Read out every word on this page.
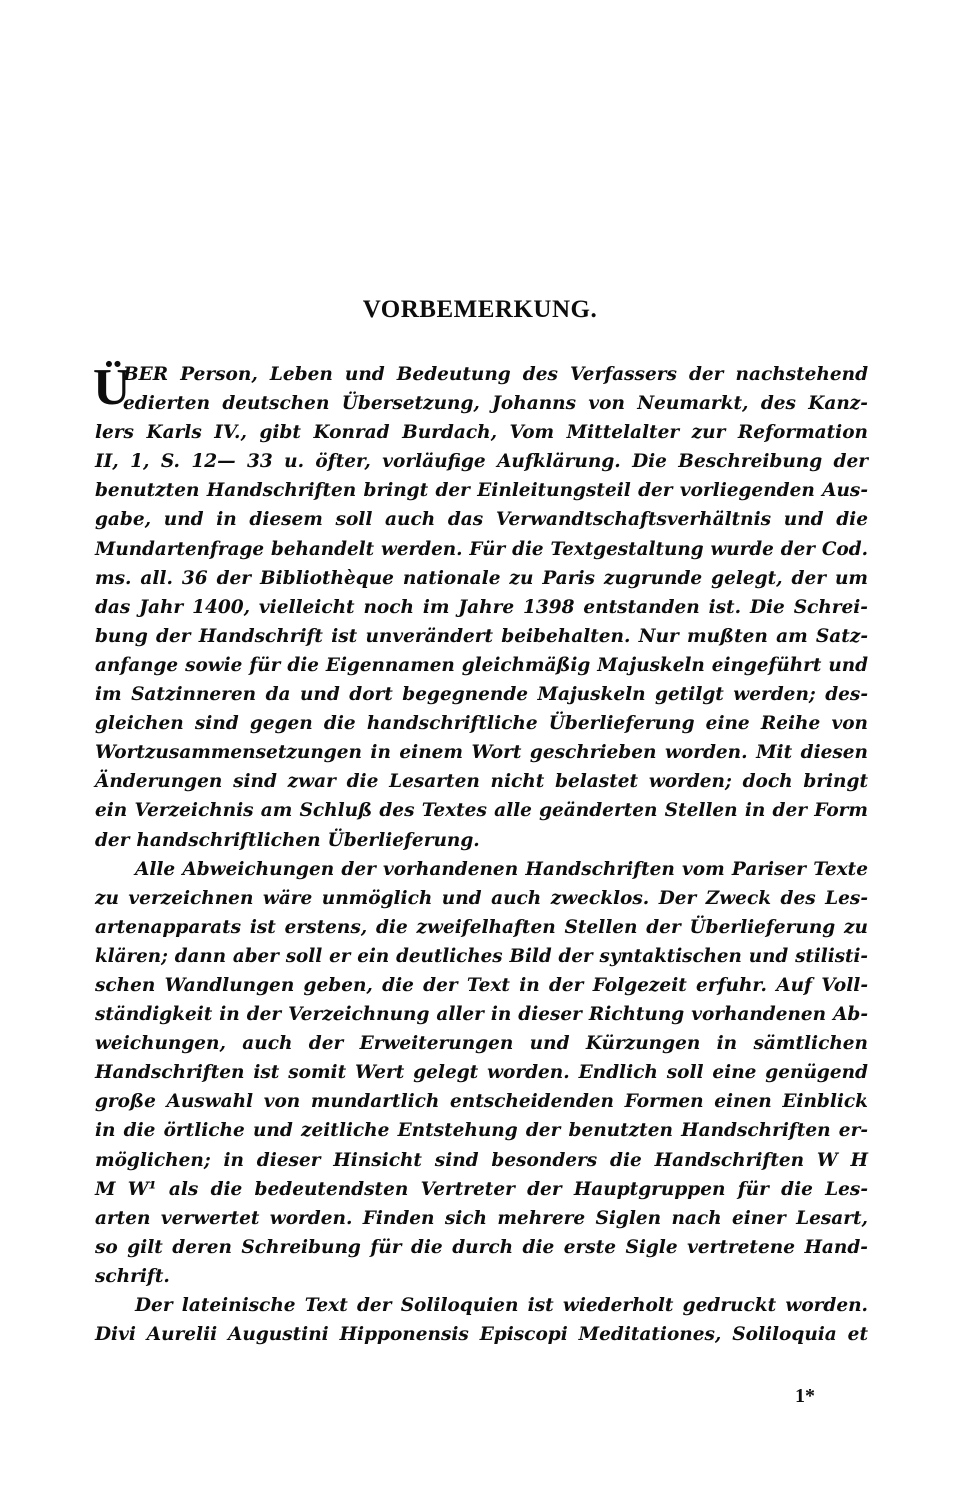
VORBEMERKUNG.
Ü
BER Person, Leben und Bedeutung des Verfassers der nachstehend
edierten deutschen Übersetzung, Johanns von Neumarkt, des Kanz-
lers Karls IV., gibt Konrad Burdach, Vom Mittelalter zur Reformation
II, 1, S. 12— 33 u. öfter, vorläufige Aufklärung. Die Beschreibung der
benutzten Handschriften bringt der Einleitungsteil der vorliegenden Aus-
gabe, und in diesem soll auch das Verwandtschaftsverhältnis und die
Mundartenfrage behandelt werden. Für die Textgestaltung wurde der Cod.
ms. all. 36 der Bibliothèque nationale zu Paris zugrunde gelegt, der um
das Jahr 1400, vielleicht noch im Jahre 1398 entstanden ist. Die Schrei-
bung der Handschrift ist unverändert beibehalten. Nur mußten am Satz-
anfange sowie für die Eigennamen gleichmäßig Majuskeln eingeführt und
im Satzinneren da und dort begegnende Majuskeln getilgt werden; des-
gleichen sind gegen die handschriftliche Überlieferung eine Reihe von
Wortzusammensetzungen in einem Wort geschrieben worden. Mit diesen
Änderungen sind zwar die Lesarten nicht belastet worden; doch bringt
ein Verzeichnis am Schluß des Textes alle geänderten Stellen in der Form
der handschriftlichen Überlieferung.
Alle Abweichungen der vorhandenen Handschriften vom Pariser Texte
zu verzeichnen wäre unmöglich und auch zwecklos. Der Zweck des Les-
artenapparats ist erstens, die zweifelhaften Stellen der Überlieferung zu
klären; dann aber soll er ein deutliches Bild der syntaktischen und stilisti-
schen Wandlungen geben, die der Text in der Folgezeit erfuhr. Auf Voll-
ständigkeit in der Verzeichnung aller in dieser Richtung vorhandenen Ab-
weichungen, auch der Erweiterungen und Kürzungen in sämtlichen
Handschriften ist somit Wert gelegt worden. Endlich soll eine genügend
große Auswahl von mundartlich entscheidenden Formen einen Einblick
in die örtliche und zeitliche Entstehung der benutzten Handschriften er-
möglichen; in dieser Hinsicht sind besonders die Handschriften W H
M W¹ als die bedeutendsten Vertreter der Hauptgruppen für die Les-
arten verwertet worden. Finden sich mehrere Siglen nach einer Lesart,
so gilt deren Schreibung für die durch die erste Sigle vertretene Hand-
schrift.
Der lateinische Text der Soliloquien ist wiederholt gedruckt worden.
Divi Aurelii Augustini Hipponensis Episcopi Meditationes, Soliloquia et
1*
